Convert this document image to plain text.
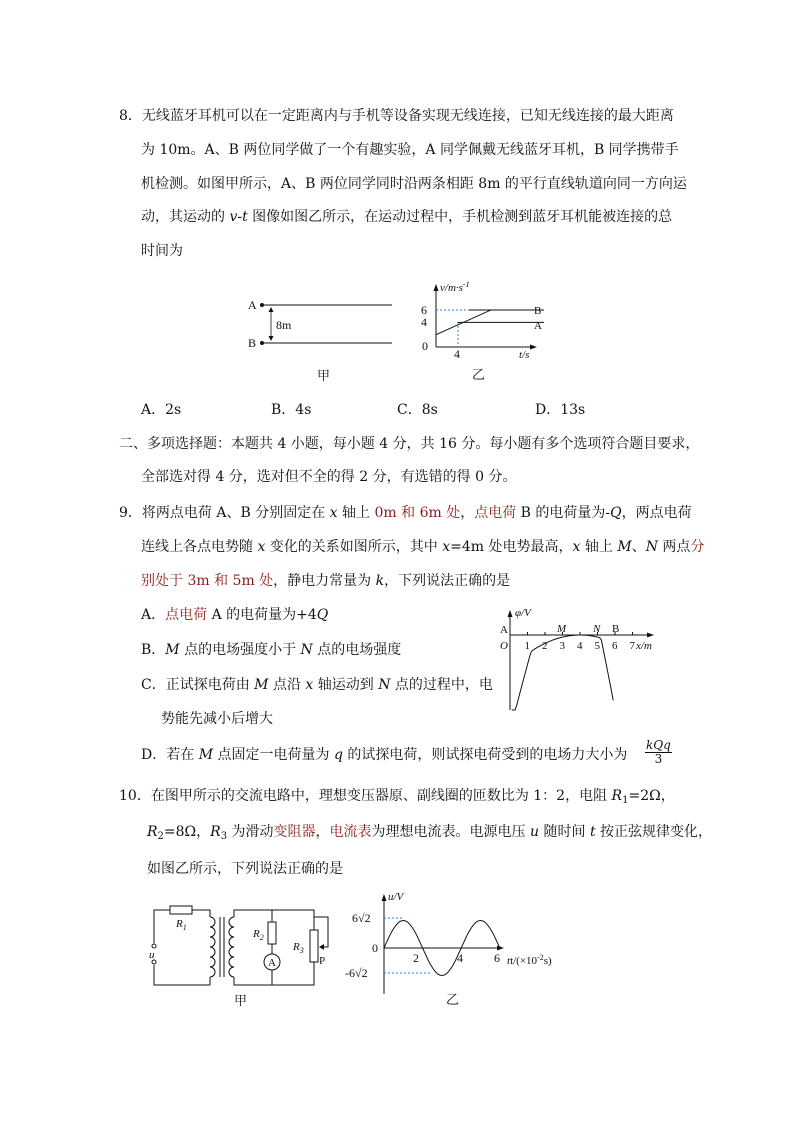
8．无线蓝牙耳机可以在一定距离内与手机等设备实现无线连接，已知无线连接的最大距离
为 10m。A、B 两位同学做了一个有趣实验，A 同学佩戴无线蓝牙耳机，B 同学携带手
机检测。如图甲所示，A、B 两位同学同时沿两条相距 8m 的平行直线轨道向同一方向运
动，其运动的 v-t 图像如图乙所示，在运动过程中，手机检测到蓝牙耳机能被连接的总
时间为
A
B
8m
甲
$v/m\cdot s^{-1}$
6
4
0
4	t/s
B
A
乙
A．2s	B．4s	C．8s	D．13s
二、多项选择题：本题共 4 小题，每小题 4 分，共 16 分。每小题有多个选项符合题目要求，
全部选对得 4 分，选对但不全的得 2 分，有选错的得 0 分。
9．将两点电荷 A、B 分别固定在 x 轴上 0m 和 6m 处，点电荷 B 的电荷量为-Q，两点电荷
连线上各点电势随 x 变化的关系如图所示，其中 x=4m 处电势最高，x 轴上 M、N 两点分
别处于 3m 和 5m 处，静电力常量为 k，下列说法正确的是
A．点电荷 A 的电荷量为+4Q
B．M 点的电场强度小于 N 点的电场强度
C．正试探电荷由 M 点沿 x 轴运动到 N 点的过程中，电
势能先减小后增大
D．若在 M 点固定一电荷量为 q 的试探电荷，则试探电荷受到的电场力大小为
kQq
3
φ/V
A
O
M N B
1 2 3 4 5 6 7 x/m
10．在图甲所示的交流电路中，理想变压器原、副线圈的匝数比为 1：2，电阻 $R_1=2\Omega$，
$R_2=8\Omega$，$R_3$ 为滑动变阻器，电流表为理想电流表。电源电压 u 随时间 t 按正弦规律变化，
如图乙所示，下列说法正确的是
u
$R_1$
$R_2$
A
$R_3$
P
甲
u/V
6√2
-6√2
0
2	4	6 $tt/(\times 10^{-2}s)$
乙
